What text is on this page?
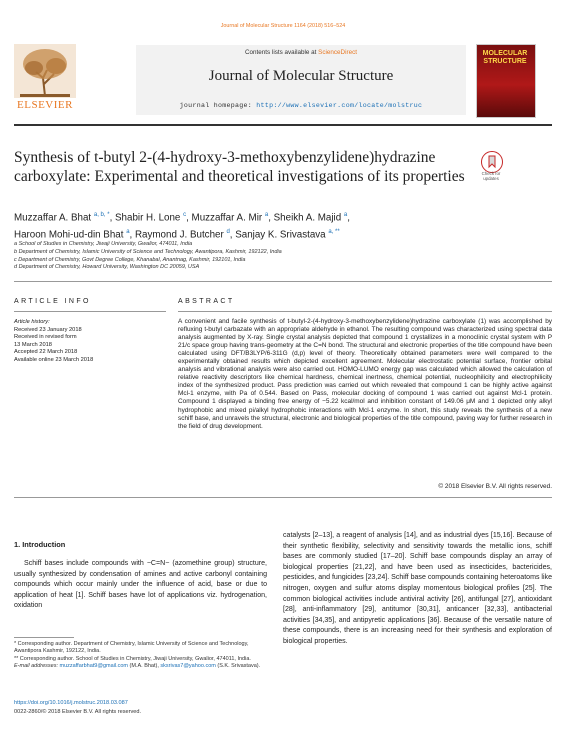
Journal of Molecular Structure 1164 (2018) 516–524
ELSEVIER
Contents lists available at ScienceDirect
Journal of Molecular Structure
journal homepage: http://www.elsevier.com/locate/molstruc
MOLECULAR STRUCTURE
Synthesis of t-butyl 2-(4-hydroxy-3-methoxybenzylidene)hydrazine carboxylate: Experimental and theoretical investigations of its properties	Check for updates
Muzzaffar A. Bhat $^{a, b, *}$, Shabir H. Lone $^c$, Muzzaffar A. Mir $^a$, Sheikh A. Majid $^a$,
Haroon Mohi-ud-din Bhat $^a$, Raymond J. Butcher $^d$, Sanjay K. Srivastava $^{a, **}$
a School of Studies in Chemistry, Jiwaji University, Gwalior, 474011, India
b Department of Chemistry, Islamic University of Science and Technology, Awantipora, Kashmir, 192122, India
c Department of Chemistry, Govt Degree College, Khanabal, Anantnag, Kashmir, 192101, India
d Department of Chemistry, Howard University, Washington DC 20059, USA
ARTICLE INFO	ABSTRACT
Article history:
Received 23 January 2018
Received in revised form
13 March 2018
Accepted 22 March 2018
Available online 23 March 2018
A convenient and facile synthesis of t-butyl-2-(4-hydroxy-3-methoxybenzylidene)hydrazine carboxylate (1) was accomplished by refluxing t-butyl carbazate with an appropriate aldehyde in ethanol. The resulting compound was characterized using spectral data analysis augmented by X-ray. Single crystal analysis depicted that compound 1 crystallizes in a monoclinic crystal system with P 21/c space group having trans-geometry at the C=N bond. The structural and electronic properties of the title compound have been calculated using DFT/B3LYP/6-311G (d,p) level of theory. Theoretically obtained parameters were well compared to the experimentally obtained results which depicted excellent agreement. Molecular electrostatic potential surface, frontier orbital analysis and vibrational analysis were also carried out. HOMO-LUMO energy gap was calculated which allowed the calculation of relative reactivity descriptors like chemical hardness, chemical inertness, chemical potential, nucleophilicity and electrophilicity index of the synthesized product. Pass prediction was carried out which revealed that compound 1 can be highly active against Mcl-1 enzyme, with Pa of 0.544. Based on Pass, molecular docking of compound 1 was carried out against Mcl-1 protein. Compound 1 displayed a binding free energy of −5.22 kcal/mol and inhibition constant of 149.06 μM and 1 depicted only alkyl hydrophobic and mixed pi/alkyl hydrophobic interactions with Mcl-1 enzyme. In short, this study reveals the synthesis of a new schiff base, and unravels the structural, electronic and biological properties of the title compound, paving way for further research in the field of drug development.
© 2018 Elsevier B.V. All rights reserved.
1. Introduction
Schiff bases include compounds with −C=N− (azomethine group) structure, usually synthesized by condensation of amines and active carbonyl containing compounds which occur mainly under the influence of acid, base or due to application of heat [1]. Schiff bases have lot of applications viz. hydrogenation, oxidation
catalysts [2–13], a reagent of analysis [14], and as industrial dyes [15,16]. Because of their synthetic flexibility, selectivity and sensitivity towards the metallic ions, schiff bases are commonly studied [17–20]. Schiff base compounds display an array of biological properties [21,22], and have been used as insecticides, bactericides, pesticides, and fungicides [23,24]. Schiff base compounds containing heteroatoms like nitrogen, oxygen and sulfur atoms display momentous biological profiles [25]. The common biological activities include antiviral activity [26], antifungal [27], antioxidant [28], anti-inflammatory [29], antitumor [30,31], anticancer [32,33], antibacterial activities [34,35], and antipyretic applications [36]. Because of the versatile nature of these compounds, there is an increasing need for their synthesis and exploration of biological properties.
* Corresponding author. Department of Chemistry, Islamic University of Science and Technology, Awantipora Kashmir, 192122, India.
** Corresponding author. School of Studies in Chemistry, Jiwaji University, Gwalior, 474011, India.
E-mail addresses: muzzaffarbhat9@gmail.com (M.A. Bhat), sksrivas7@yahoo.com (S.K. Srivastava).
https://doi.org/10.1016/j.molstruc.2018.03.087
0022-2860/© 2018 Elsevier B.V. All rights reserved.
